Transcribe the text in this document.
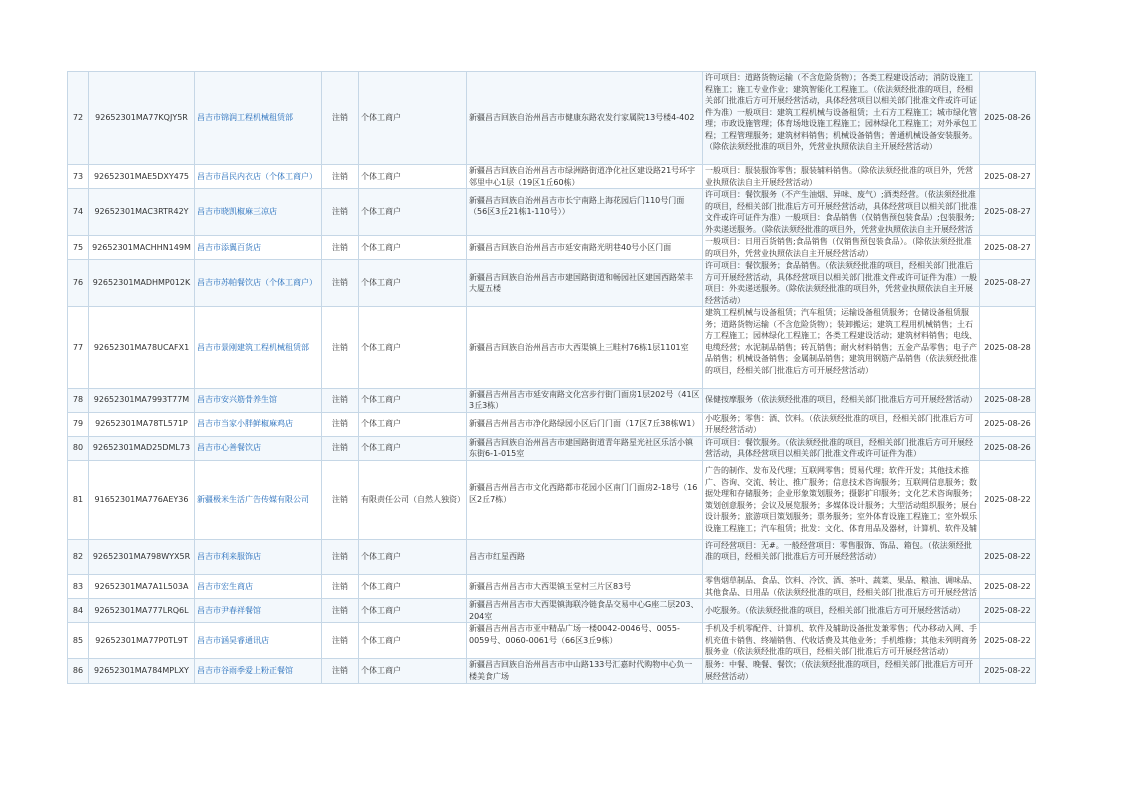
72	92652301MA77KQJY5R	昌吉市锦润工程机械租赁部	注销	个体工商户	新疆昌吉回族自治州昌吉市健康东路农发行家属院13号楼4-402	许可项目：道路货物运输（不含危险货物）；各类工程建设活动；消防设施工程施工；施工专业作业；建筑智能化工程施工。（依法须经批准的项目，经相关部门批准后方可开展经营活动，具体经营项目以相关部门批准文件或许可证件为准）一般项目：建筑工程机械与设备租赁；土石方工程施工；城市绿化管理；市政设施管理；体育场地设施工程施工；园林绿化工程施工；对外承包工程；工程管理服务；建筑材料销售；机械设备销售；普通机械设备安装服务。（除依法须经批准的项目外，凭营业执照依法自主开展经营活动）	2025-08-26

73	92652301MAE5DXY475	昌吉市昌民内衣店（个体工商户）	注销	个体工商户	新疆昌吉回族自治州昌吉市绿洲路街道净化社区建设路21号环宇邻里中心1层（19区1丘60栋）	一般项目：服装服饰零售；服装辅料销售。（除依法须经批准的项目外，凭营业执照依法自主开展经营活动）	2025-08-27

74	92652301MAC3RTR42Y	昌吉市晓凯椒麻三凉店	注销	个体工商户	新疆昌吉回族自治州昌吉市长宁南路上海花园后门110号门面（56区3丘21栋1-110号））	许可项目：餐饮服务（不产生油烟、异味、废气）;酒类经营。（依法须经批准的项目，经相关部门批准后方可开展经营活动，具体经营项目以相关部门批准文件或许可证件为准）一般项目：食品销售（仅销售预包装食品）;包装服务;外卖递送服务。（除依法须经批准的项目外，凭营业执照依法自主开展经营活	2025-08-27

75	92652301MACHHN149M	昌吉市添翼百货店	注销	个体工商户	新疆昌吉回族自治州昌吉市延安南路光明巷40号小区门面	一般项目：日用百货销售;食品销售（仅销售预包装食品）。（除依法须经批准的项目外，凭营业执照依法自主开展经营活动）	2025-08-27

76	92652301MADHMP012K	昌吉市苏帕餐饮店（个体工商户）	注销	个体工商户	新疆昌吉回族自治州昌吉市建国路街道和畅园社区建国西路荣丰大厦五楼	许可项目：餐饮服务；食品销售。（依法须经批准的项目，经相关部门批准后方可开展经营活动，具体经营项目以相关部门批准文件或许可证件为准）一般项目：外卖递送服务。（除依法须经批准的项目外，凭营业执照依法自主开展经营活动）	2025-08-27

77	92652301MA78UCAFX1	昌吉市景刚建筑工程机械租赁部	注销	个体工商户	新疆昌吉回族自治州昌吉市大西渠镇上三畦村76栋1层1101室	建筑工程机械与设备租赁；汽车租赁；运输设备租赁服务；仓储设备租赁服务；道路货物运输（不含危险货物）；装卸搬运；建筑工程用机械销售；土石方工程施工；园林绿化工程施工；各类工程建设活动；建筑材料销售；电线、电缆经营；水泥制品销售；砖瓦销售；耐火材料销售；五金产品零售；电子产品销售；机械设备销售；金属制品销售；建筑用钢筋产品销售（依法须经批准的项目，经相关部门批准后方可开展经营活动）	2025-08-28

78	92652301MA7993T77M	昌吉市安兴筋骨养生馆	注销	个体工商户	新疆昌吉州昌吉市延安南路文化宫步行街门面房1层202号（41区3丘3栋）	保健按摩服务（依法须经批准的项目，经相关部门批准后方可开展经营活动）	2025-08-28

79	92652301MA78TL571P	昌吉市当家小胖鲜椒麻鸡店	注销	个体工商户	新疆昌吉州昌吉市净化路绿园小区后门门面（17区7丘38栋W1）	小吃服务；零售：酒、饮料。（依法须经批准的项目，经相关部门批准后方可开展经营活动）	2025-08-26

80	92652301MAD25DML73	昌吉市心善餐饮店	注销	个体工商户	新疆昌吉回族自治州昌吉市建国路街道青年路星光社区乐活小镇东街6-1-015室	许可项目：餐饮服务。（依法须经批准的项目，经相关部门批准后方可开展经营活动，具体经营项目以相关部门批准文件或许可证件为准）	2025-08-26

81	91652301MA776AEY36	新疆极米生活广告传媒有限公司	注销	有限责任公司（自然人独资）	新疆昌吉州昌吉市文化西路都市花园小区南门门面房2-18号（16区2丘7栋）	广告的制作、发布及代理；互联网零售；贸易代理；软件开发；其他技术推广、咨询、交流、转让、推广服务；信息技术咨询服务；互联网信息服务；数据处理和存储服务；企业形象策划服务；摄影扩印服务；文化艺术咨询服务；策划创意服务；会议及展览服务；多媒体设计服务；大型活动组织服务；展台设计服务；旅游项目策划服务；票务服务；室外体育设施工程施工；室外娱乐设施工程施工；汽车租赁；批发：文化、体育用品及器材，计算机、软件及辅	2025-08-22

82	92652301MA798WYX5R	昌吉市利来服饰店	注销	个体工商户	昌吉市红星西路	许可经营项目：无#。一般经营项目：零售服饰、饰品、箱包。（依法须经批准的项目，经相关部门批准后方可开展经营活动）	2025-08-22

83	92652301MA7A1L503A	昌吉市宏生商店	注销	个体工商户	新疆昌吉州昌吉市大西渠镇玉堂村三片区83号	零售烟草制品、食品、饮料、冷饮、酒、茶叶、蔬菜、果品、粮油、调味品、其他食品、日用品（依法须经批准的项目，经相关部门批准后方可开展经营活	2025-08-22

84	92652301MA777LRQ6L	昌吉市尹春祥餐馆	注销	个体工商户	新疆昌吉州昌吉市大西渠镇海联冷链食品交易中心G座二层203、204室	小吃服务。（依法须经批准的项目，经相关部门批准后方可开展经营活动）	2025-08-22

85	92652301MA77P0TL9T	昌吉市涵昊睿通讯店	注销	个体工商户	新疆昌吉州昌吉市亚中精品广场一楼0042-0046号、0055-0059号、0060-0061号（66区3丘9栋）	手机及手机零配件、计算机、软件及辅助设备批发兼零售；代办移动入网、手机充值卡销售、终端销售、代收话费及其他业务；手机维修；其他未列明商务服务业（依法须经批准的项目，经相关部门批准后方可开展经营活动）	2025-08-22

86	92652301MA784MPLXY	昌吉市谷雨季爱上粉正餐馆	注销	个体工商户	新疆昌吉回族自治州昌吉市中山路133号汇嘉时代购物中心负一楼美食广场	服务：中餐、晚餐、餐饮；（依法须经批准的项目，经相关部门批准后方可开展经营活动）	2025-08-22
